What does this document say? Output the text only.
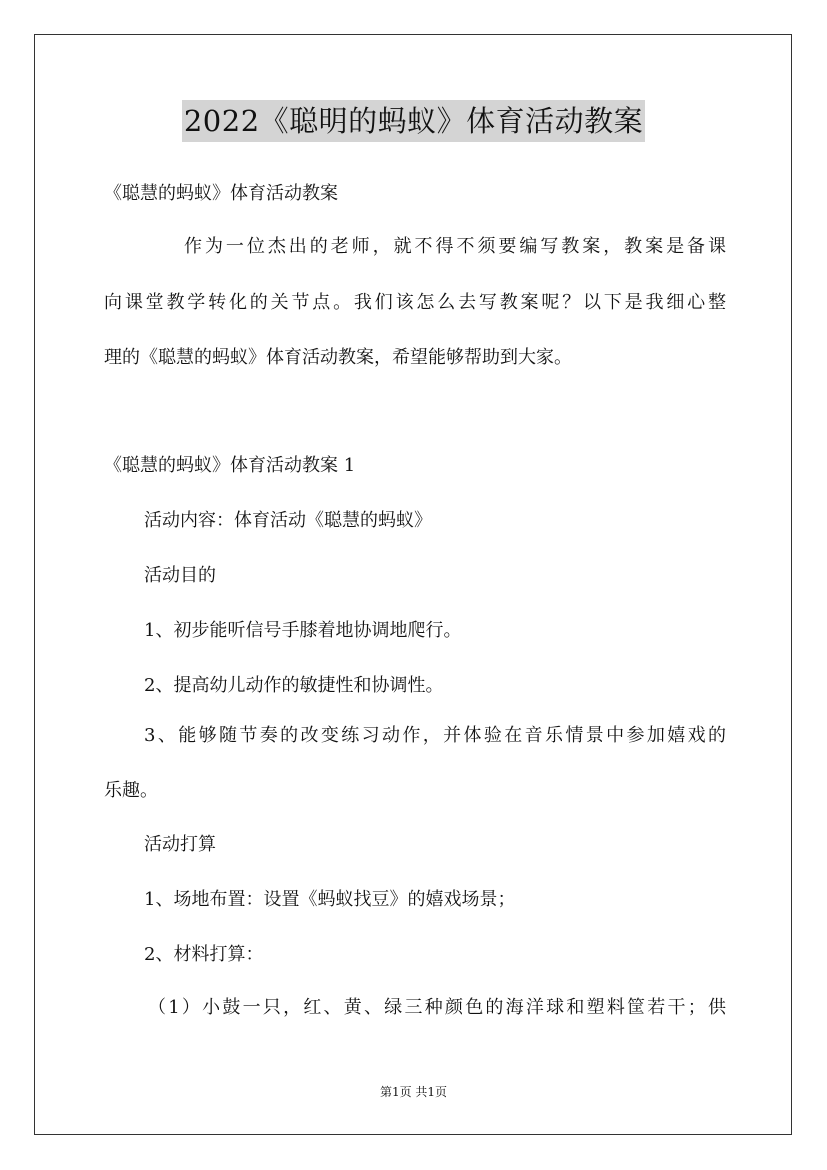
2022《聪明的蚂蚁》体育活动教案
《聪慧的蚂蚁》体育活动教案
作为一位杰出的老师，就不得不须要编写教案，教案是备课
向课堂教学转化的关节点。我们该怎么去写教案呢？以下是我细心整
理的《聪慧的蚂蚁》体育活动教案，希望能够帮助到大家。
《聪慧的蚂蚁》体育活动教案 1
活动内容：体育活动《聪慧的蚂蚁》
活动目的
1、初步能听信号手膝着地协调地爬行。
2、提高幼儿动作的敏捷性和协调性。
3、能够随节奏的改变练习动作，并体验在音乐情景中参加嬉戏的
乐趣。
活动打算
1、场地布置：设置《蚂蚁找豆》的嬉戏场景；
2、材料打算：
（1）小鼓一只，红、黄、绿三种颜色的海洋球和塑料筐若干；供
第1页 共1页
